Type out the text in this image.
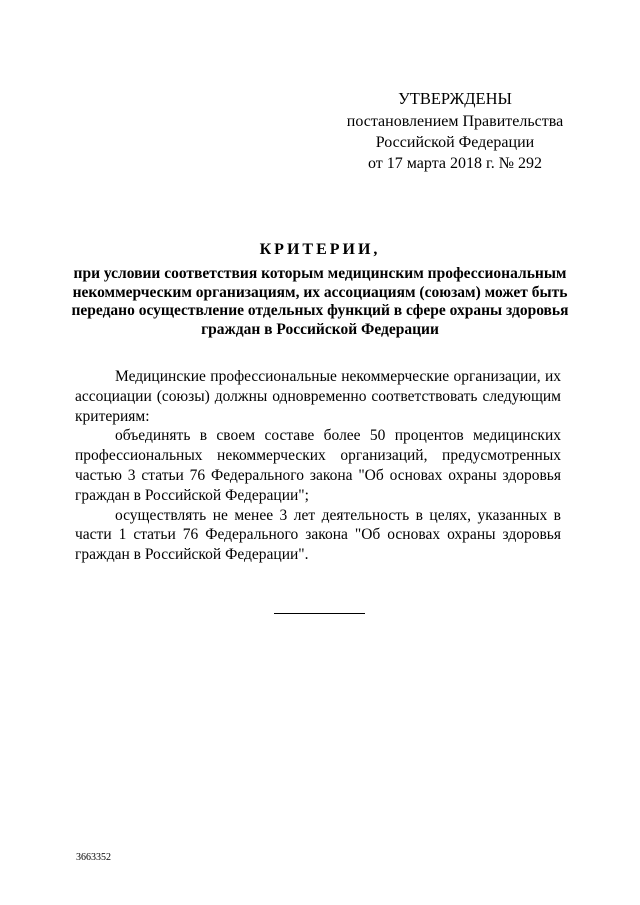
УТВЕРЖДЕНЫ
постановлением Правительства
Российской Федерации
от 17 марта 2018 г. № 292
КРИТЕРИИ,
при условии соответствия которым медицинским профессиональным некоммерческим организациям, их ассоциациям (союзам) может быть передано осуществление отдельных функций в сфере охраны здоровья граждан в Российской Федерации

Медицинские профессиональные некоммерческие организации, их ассоциации (союзы) должны одновременно соответствовать следующим критериям:

объединять в своем составе более 50 процентов медицинских профессиональных некоммерческих организаций, предусмотренных частью 3 статьи 76 Федерального закона "Об основах охраны здоровья граждан в Российской Федерации";

осуществлять не менее 3 лет деятельность в целях, указанных в части 1 статьи 76 Федерального закона "Об основах охраны здоровья граждан в Российской Федерации".

3663352
